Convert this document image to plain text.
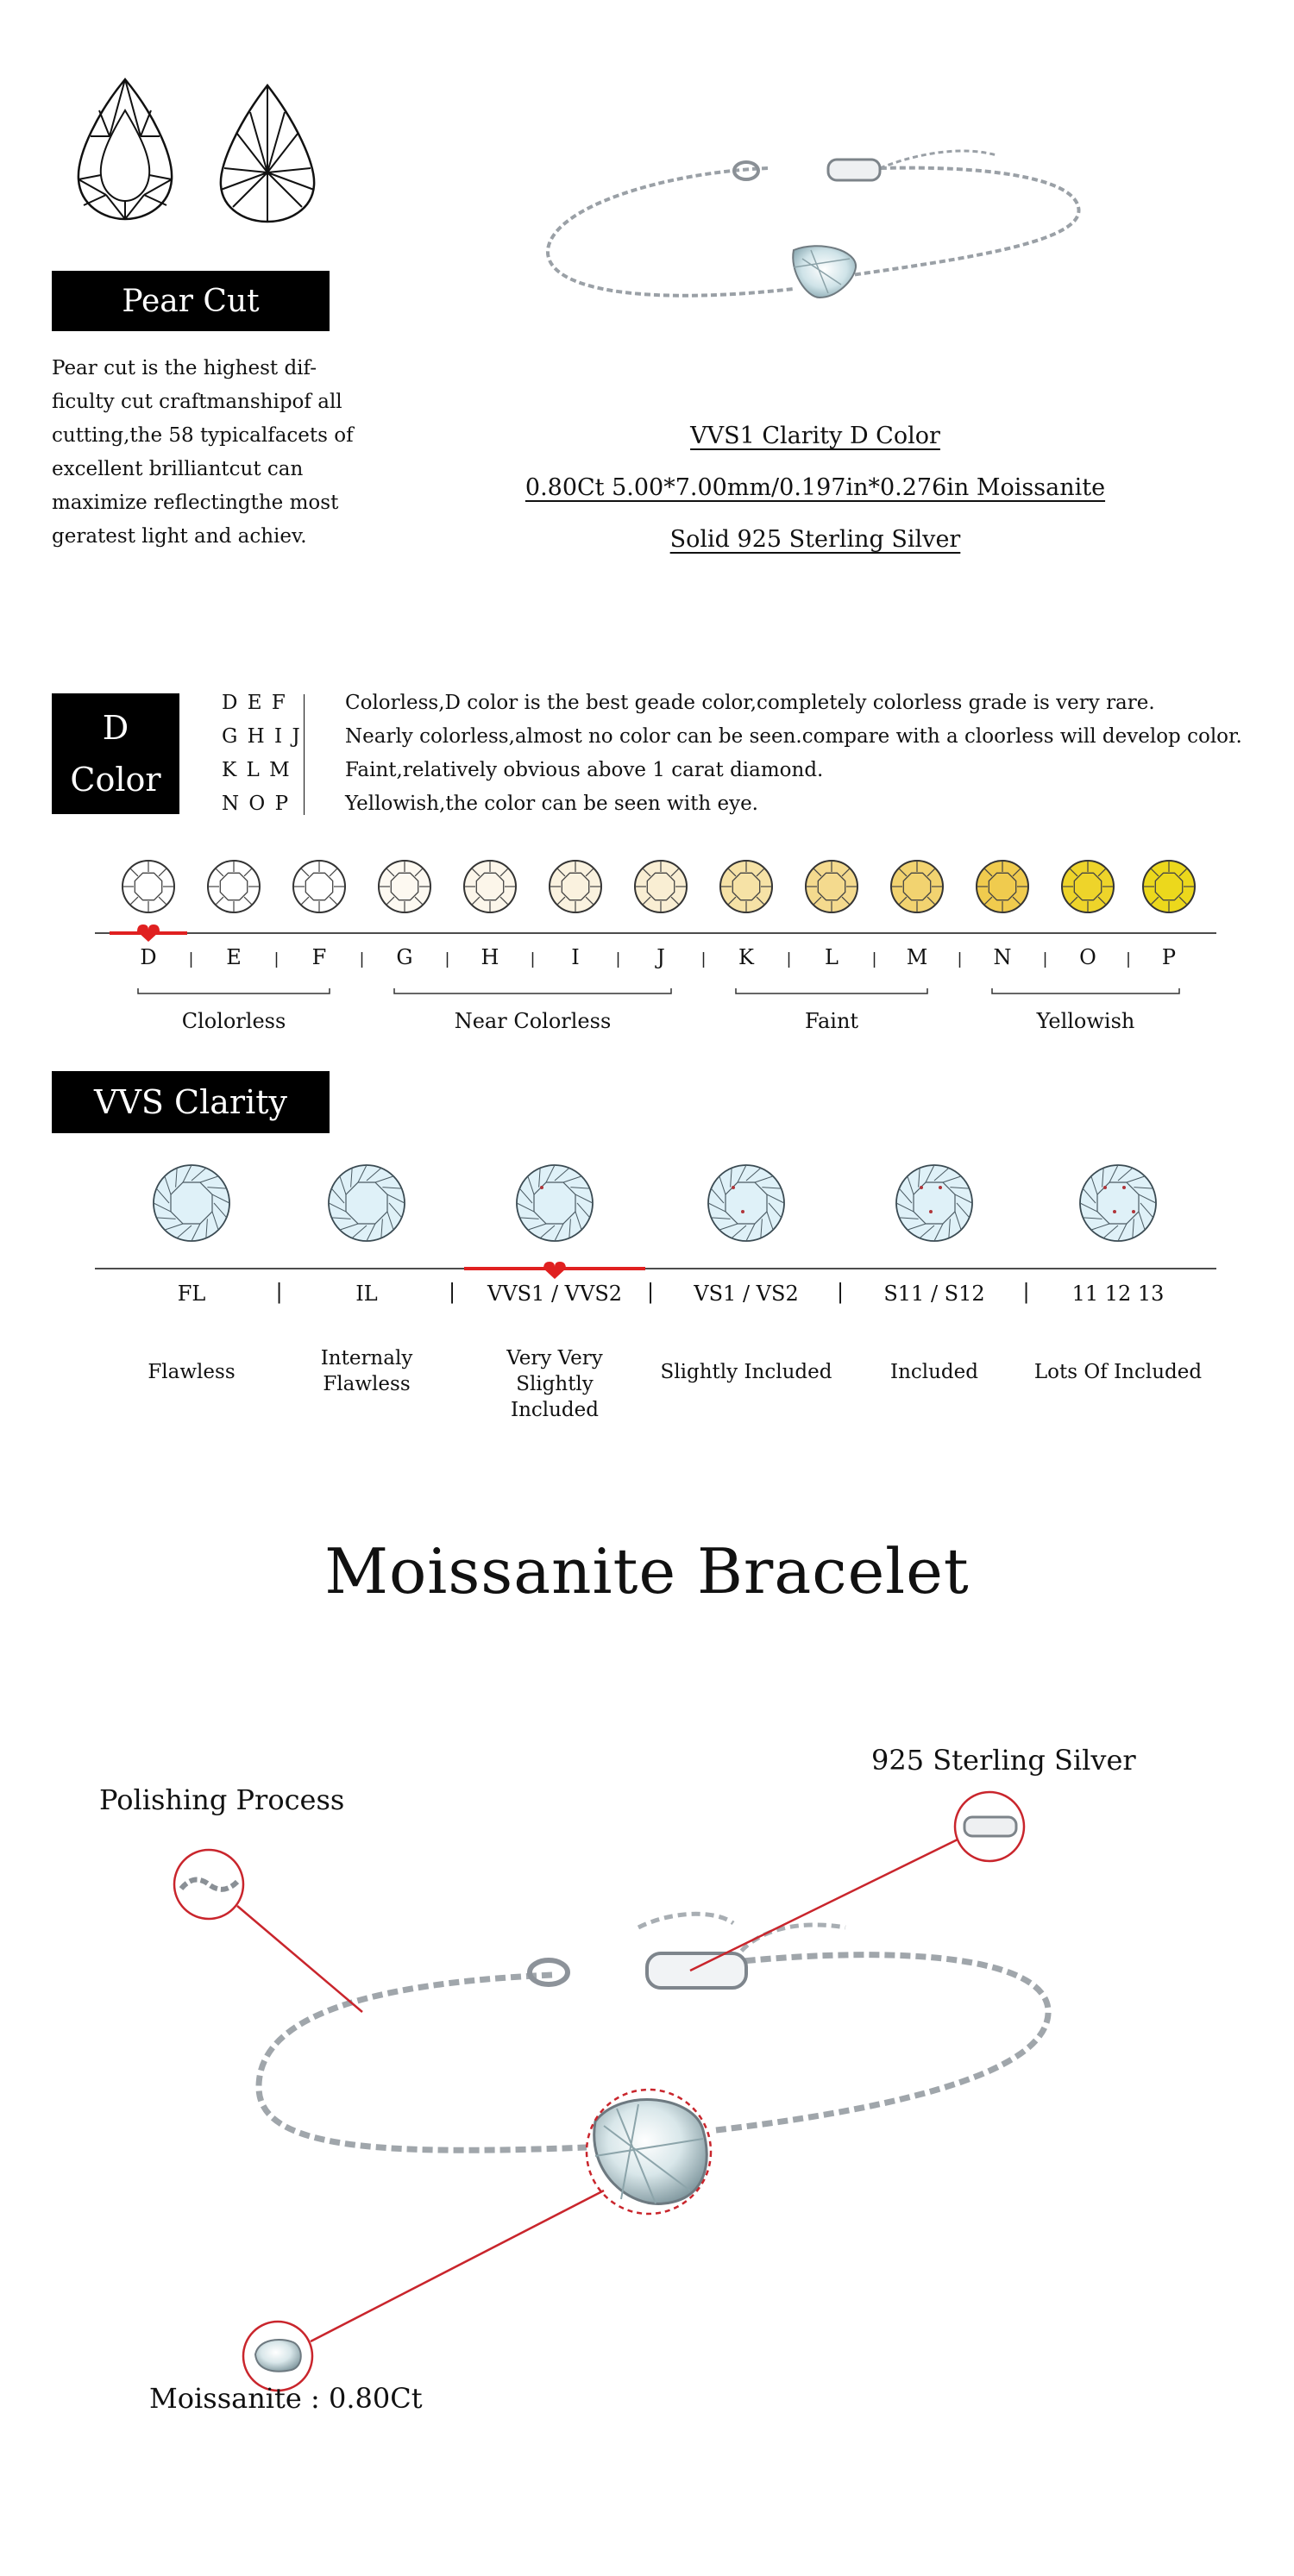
Pear Cut
Pear cut is the highest dif- ficulty cut craftmanshipof all cutting,the 58 typicalfacets of excellent brilliantcut can maximize reflectingthe most geratest light and achiev.
VVS1 Clarity D Color
0.80Ct 5.00*7.00mm/0.197in*0.276in Moissanite
Solid 925 Sterling Silver
D
Color
D E F	Colorless,D color is the best geade color,completely colorless grade is very rare.
G H I J Nearly colorless,almost no color can be seen.compare with a cloorless will develop color.
K L M	Faint,relatively obvious above 1 carat diamond.
N O P	Yellowish,the color can be seen with eye.
D	E	F	G	H	I	J	K	L	M	N	O	P
Clolorless	Near Colorless	Faint	Yellowish
VVS Clarity
FL	|	IL	| VVS1 / VVS2 | VS1 / VS2 | S11 / S12 | 11 12 13
Flawless
Internaly Flawless
Very Very Slightly Included
Slightly Included	Included	Lots Of Included
Moissanite Bracelet
Polishing Process
925 Sterling Silver
Moissanite : 0.80Ct
